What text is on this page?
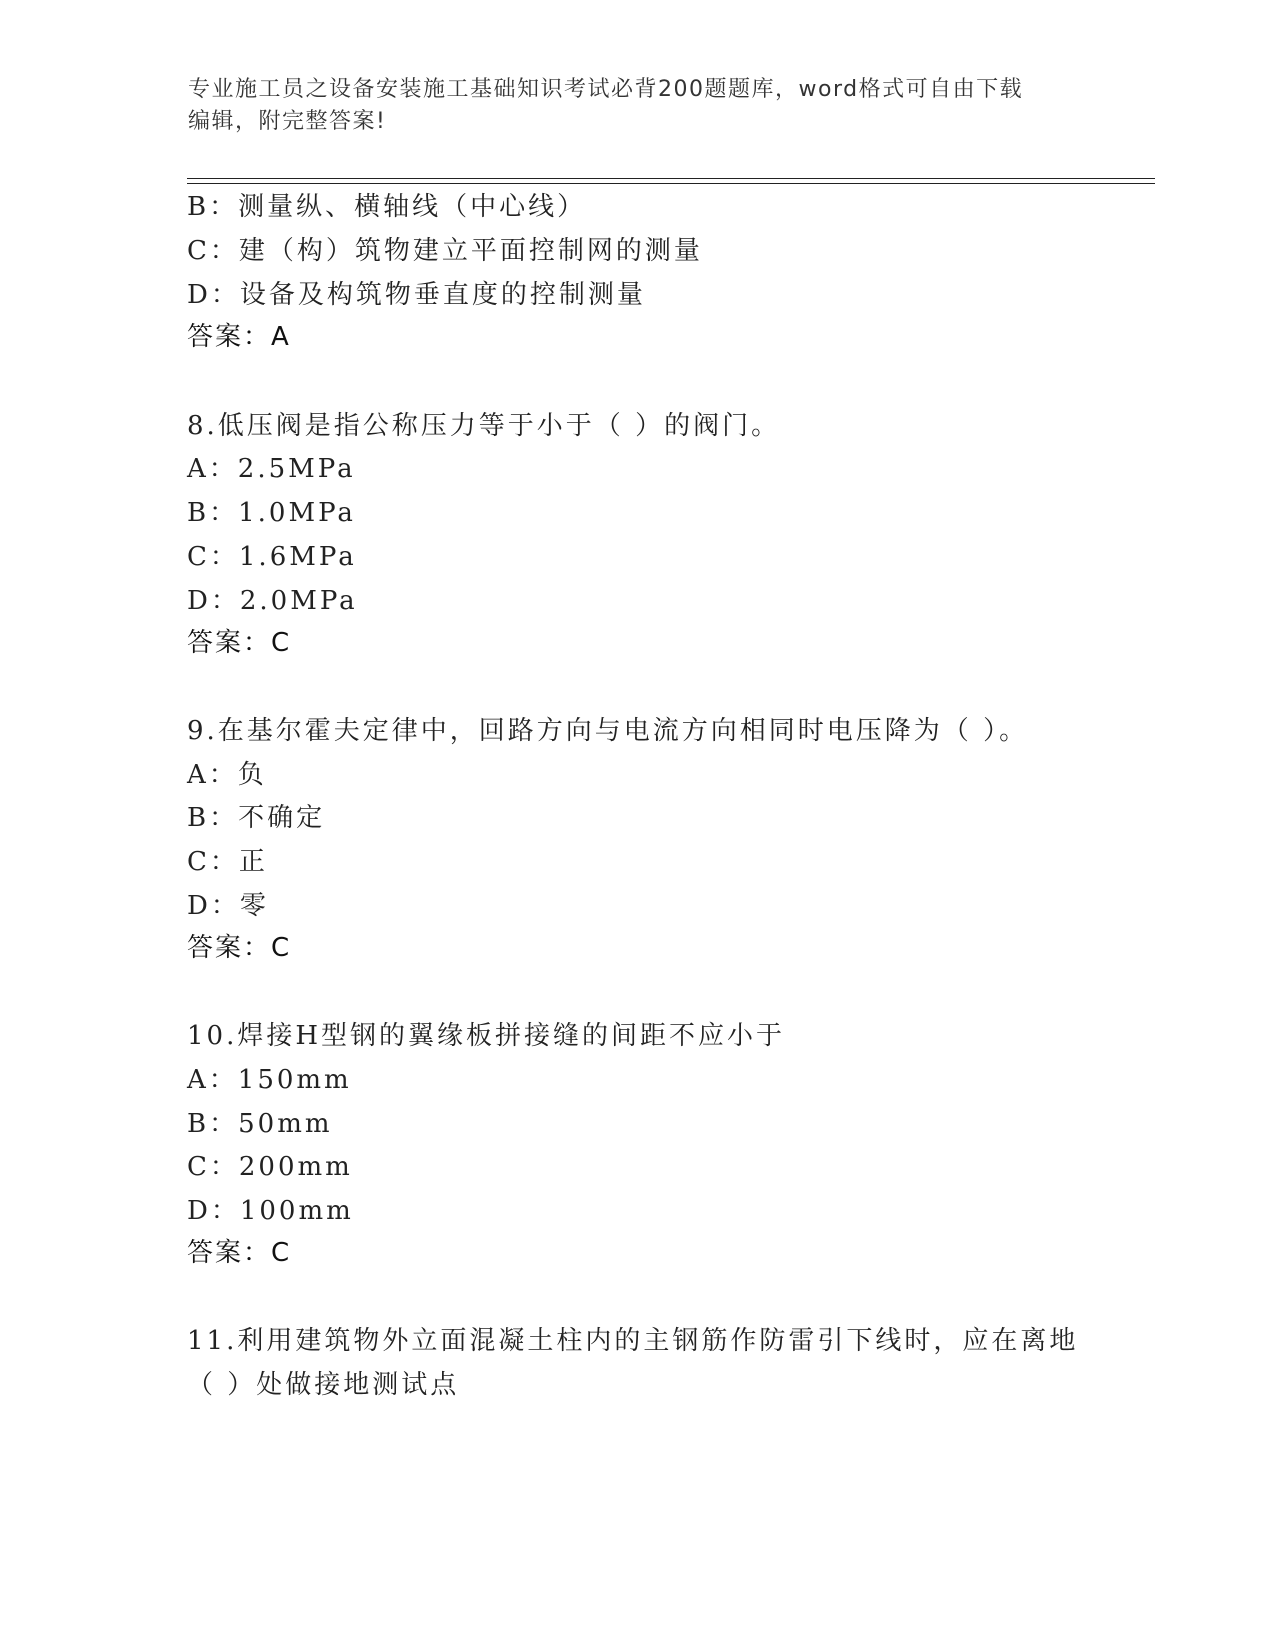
专业施工员之设备安装施工基础知识考试必背200题题库，word格式可自由下载
编辑，附完整答案!
B：测量纵、横轴线（中心线）
C：建（构）筑物建立平面控制网的测量
D：设备及构筑物垂直度的控制测量
答案：A
8.低压阀是指公称压力等于小于（ ）的阀门。
A：2.5MPa
B：1.0MPa
C：1.6MPa
D：2.0MPa
答案：C
9.在基尔霍夫定律中，回路方向与电流方向相同时电压降为（ ）。
A：负
B：不确定
C：正
D：零
答案：C
10.焊接H型钢的翼缘板拼接缝的间距不应小于
A：150mm
B：50mm
C：200mm
D：100mm
答案：C
11.利用建筑物外立面混凝土柱内的主钢筋作防雷引下线时，应在离地
（ ）处做接地测试点
